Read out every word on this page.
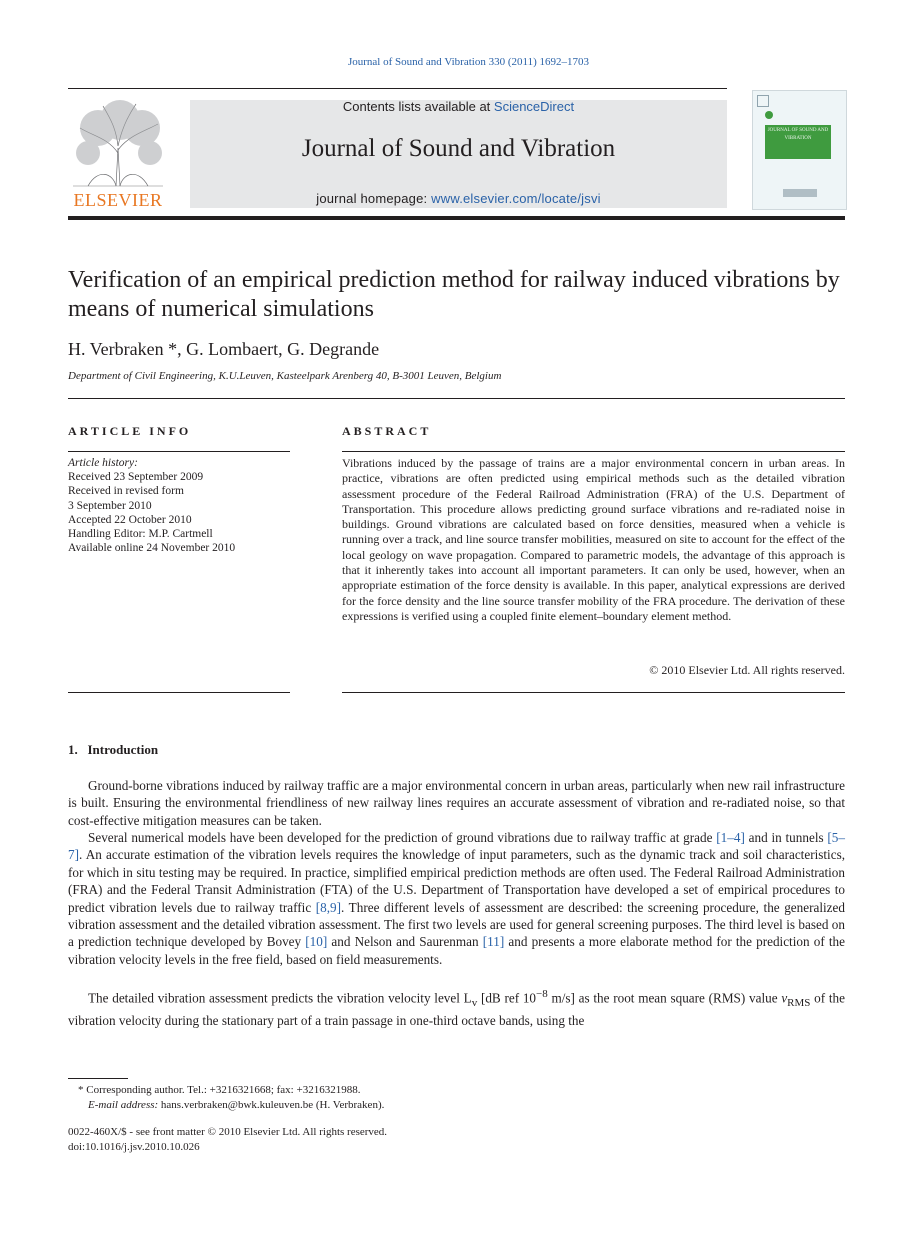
Journal of Sound and Vibration 330 (2011) 1692–1703
ELSEVIER
Contents lists available at ScienceDirect
Journal of Sound and Vibration
journal homepage: www.elsevier.com/locate/jsvi
JOURNAL OF SOUND AND VIBRATION
Verification of an empirical prediction method for railway induced vibrations by means of numerical simulations
H. Verbraken *, G. Lombaert, G. Degrande
Department of Civil Engineering, K.U.Leuven, Kasteelpark Arenberg 40, B-3001 Leuven, Belgium
ARTICLE INFO
Article history:
Received 23 September 2009
Received in revised form
3 September 2010
Accepted 22 October 2010
Handling Editor: M.P. Cartmell
Available online 24 November 2010
ABSTRACT
Vibrations induced by the passage of trains are a major environmental concern in urban areas. In practice, vibrations are often predicted using empirical methods such as the detailed vibration assessment procedure of the Federal Railroad Administration (FRA) of the U.S. Department of Transportation. This procedure allows predicting ground surface vibrations and re-radiated noise in buildings. Ground vibrations are calculated based on force densities, measured when a vehicle is running over a track, and line source transfer mobilities, measured on site to account for the effect of the local geology on wave propagation. Compared to parametric models, the advantage of this approach is that it inherently takes into account all important parameters. It can only be used, however, when an appropriate estimation of the force density is available. In this paper, analytical expressions are derived for the force density and the line source transfer mobility of the FRA procedure. The derivation of these expressions is verified using a coupled finite element–boundary element method.
© 2010 Elsevier Ltd. All rights reserved.
1.   Introduction
Ground-borne vibrations induced by railway traffic are a major environmental concern in urban areas, particularly when new rail infrastructure is built. Ensuring the environmental friendliness of new railway lines requires an accurate assessment of vibration and re-radiated noise, so that cost-effective mitigation measures can be taken.
Several numerical models have been developed for the prediction of ground vibrations due to railway traffic at grade [1–4] and in tunnels [5–7]. An accurate estimation of the vibration levels requires the knowledge of input parameters, such as the dynamic track and soil characteristics, for which in situ testing may be required. In practice, simplified empirical prediction methods are often used. The Federal Railroad Administration (FRA) and the Federal Transit Administration (FTA) of the U.S. Department of Transportation have developed a set of empirical procedures to predict vibration levels due to railway traffic [8,9]. Three different levels of assessment are described: the screening procedure, the generalized vibration assessment and the detailed vibration assessment. The first two levels are used for general screening purposes. The third level is based on a prediction technique developed by Bovey [10] and Nelson and Saurenman [11] and presents a more elaborate method for the prediction of the vibration velocity levels in the free field, based on field measurements.
The detailed vibration assessment predicts the vibration velocity level $L_v$ [dB ref $10^{-8}$ m/s] as the root mean square (RMS) value $v_{RMS}$ of the vibration velocity during the stationary part of a train passage in one-third octave bands, using the
* Corresponding author. Tel.: +3216321668; fax: +3216321988.
E-mail address: hans.verbraken@bwk.kuleuven.be (H. Verbraken).
0022-460X/$ - see front matter © 2010 Elsevier Ltd. All rights reserved.
doi:10.1016/j.jsv.2010.10.026
